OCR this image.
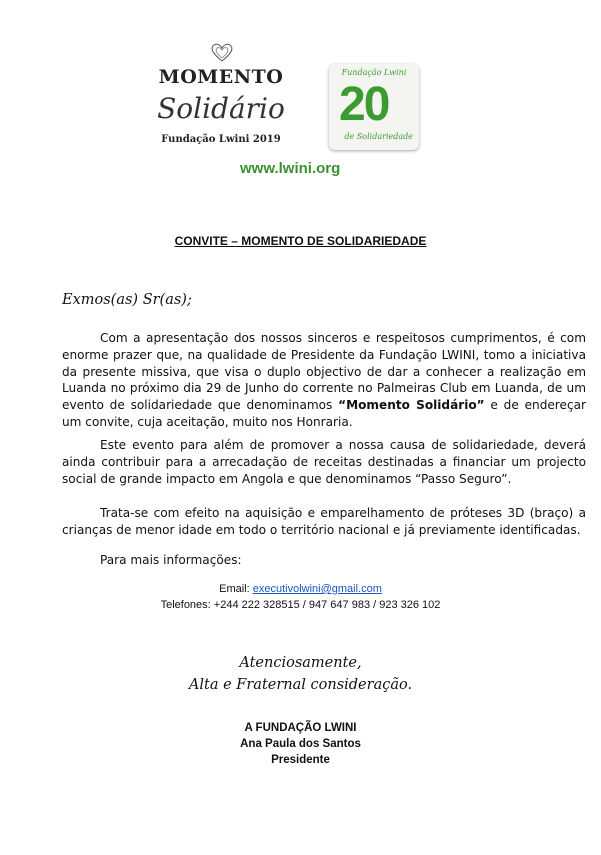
MOMENTO
Solidário
Fundação Lwini 2019
Fundação Lwini
20
de Solidariedade
www.lwini.org
CONVITE – MOMENTO DE SOLIDARIEDADE
Exmos(as) Sr(as);

Com a apresentação dos nossos sinceros e respeitosos cumprimentos, é com enorme prazer que, na qualidade de Presidente da Fundação LWINI, tomo a iniciativa da presente missiva, que visa o duplo objectivo de dar a conhecer a realização em Luanda no próximo dia 29 de Junho do corrente no Palmeiras Club em Luanda, de um evento de solidariedade que denominamos “Momento Solidário” e de endereçar um convite, cuja aceitação, muito nos Honraria.

Este evento para além de promover a nossa causa de solidariedade, deverá ainda contribuir para a arrecadação de receitas destinadas a financiar um projecto social de grande impacto em Angola e que denominamos “Passo Seguro”.

Trata-se com efeito na aquisição e emparelhamento de próteses 3D (braço) a crianças de menor idade em todo o território nacional e já previamente identificadas.

Para mais informações:

Email: executivolwini@gmail.com
Telefones: +244 222 328515 / 947 647 983 / 923 326 102
Atenciosamente,
Alta e Fraternal consideração.
A FUNDAÇÃO LWINI
Ana Paula dos Santos
Presidente
